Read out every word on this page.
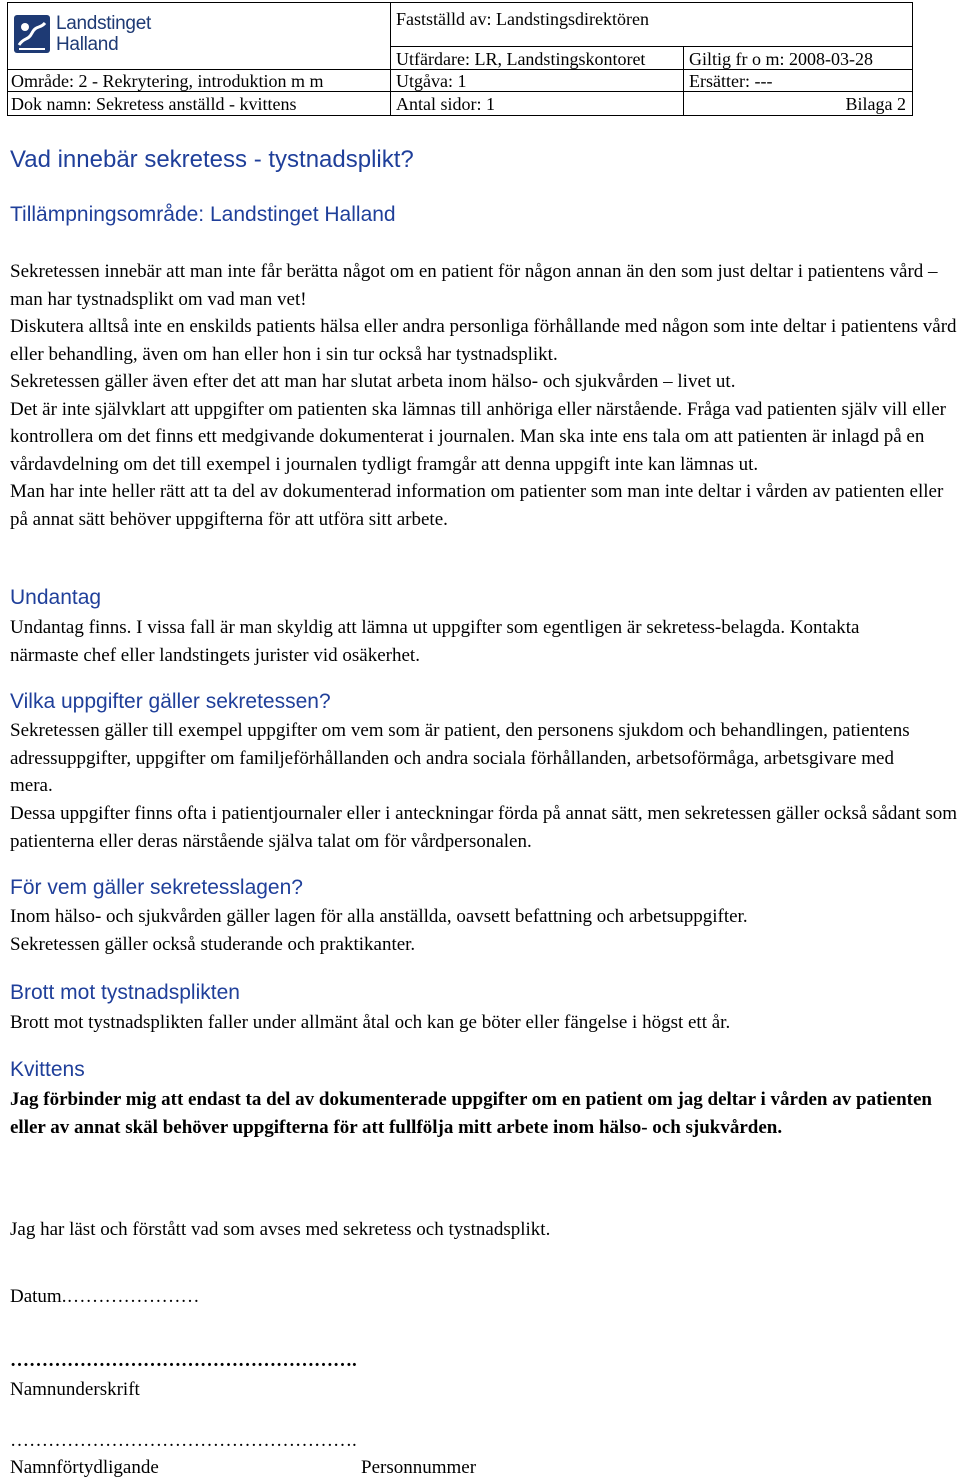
Landstinget
Halland
Fastställd av: Landstingsdirektören
Utfärdare: LR, Landstingskontoret Giltig fr o m: 2008-03-28
Område: 2 - Rekrytering, introduktion m m	Utgåva: 1	Ersätter: ---
Dok namn: Sekretess anställd - kvittens	Antal sidor: 1	Bilaga 2
Vad innebär sekretess - tystnadsplikt?
Tillämpningsområde: Landstinget Halland

Sekretessen innebär att man inte får berätta något om en patient för någon annan än den som just deltar i patientens vård – man har tystnadsplikt om vad man vet!

Diskutera alltså inte en enskilds patients hälsa eller andra personliga förhållande med någon som inte deltar i patientens vård eller behandling, även om han eller hon i sin tur också har tystnadsplikt.

Sekretessen gäller även efter det att man har slutat arbeta inom hälso- och sjukvården – livet ut.

Det är inte självklart att uppgifter om patienten ska lämnas till anhöriga eller närstående. Fråga vad patienten själv vill eller kontrollera om det finns ett medgivande dokumenterat i journalen. Man ska inte ens tala om att patienten är inlagd på en vårdavdelning om det till exempel i journalen tydligt framgår att denna uppgift inte kan lämnas ut.

Man har inte heller rätt att ta del av dokumenterad information om patienter som man inte deltar i vården av patienten eller på annat sätt behöver uppgifterna för att utföra sitt arbete.

Undantag

Undantag finns. I vissa fall är man skyldig att lämna ut uppgifter som egentligen är sekretess-belagda. Kontakta närmaste chef eller landstingets jurister vid osäkerhet.

Vilka uppgifter gäller sekretessen?

Sekretessen gäller till exempel uppgifter om vem som är patient, den personens sjukdom och behandlingen, patientens adressuppgifter, uppgifter om familjeförhållanden och andra sociala förhållanden, arbetsoförmåga, arbetsgivare med mera.

Dessa uppgifter finns ofta i patientjournaler eller i anteckningar förda på annat sätt, men sekretessen gäller också sådant som patienterna eller deras närstående själva talat om för vårdpersonalen.

För vem gäller sekretesslagen?

Inom hälso- och sjukvården gäller lagen för alla anställda, oavsett befattning och arbetsuppgifter.

Sekretessen gäller också studerande och praktikanter.

Brott mot tystnadsplikten

Brott mot tystnadsplikten faller under allmänt åtal och kan ge böter eller fängelse i högst ett år.

Kvittens

Jag förbinder mig att endast ta del av dokumenterade uppgifter om en patient om jag deltar i vården av patienten eller av annat skäl behöver uppgifterna för att fullfölja mitt arbete inom hälso- och sjukvården.

Jag har läst och förstått vad som avses med sekretess och tystnadsplikt.
Datum.…………………
……………………………………………….
Namnunderskrift
……………………………………………….
Namnförtydligande	Personnummer
